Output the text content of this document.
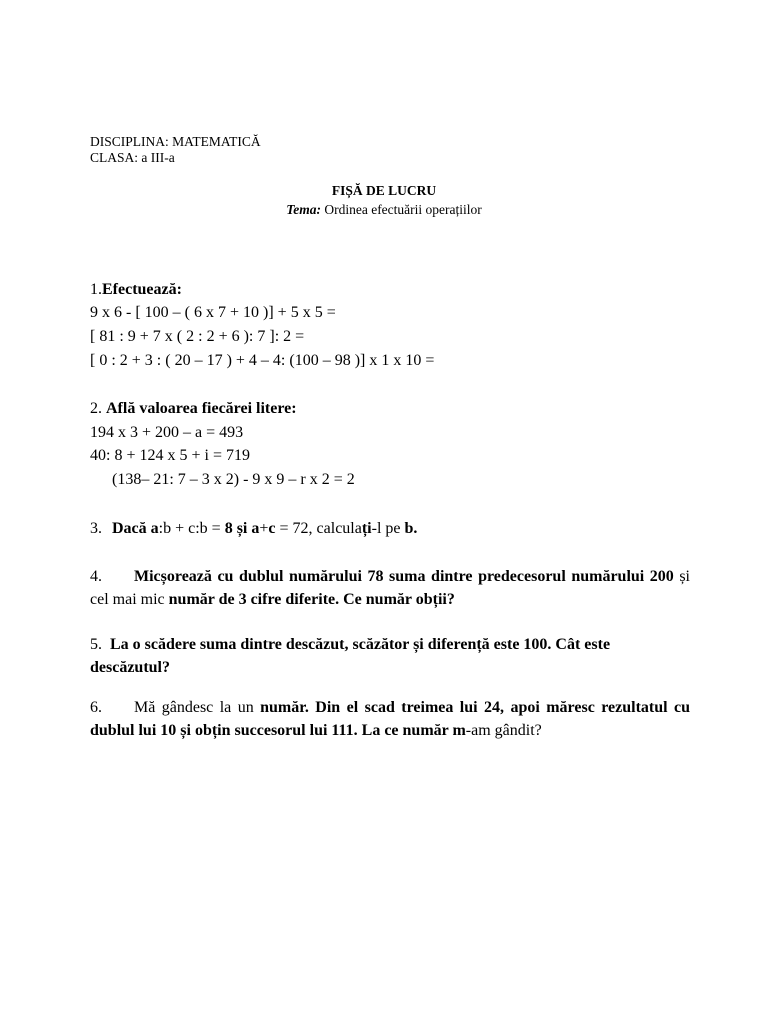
DISCIPLINA: MATEMATICĂ
CLASA: a III-a
FIȘĂ DE LUCRU
Tema: Ordinea efectuării operațiilor
1.Efectuează:
9 x 6 - [ 100 – ( 6 x 7 + 10 )] + 5 x 5 =
[ 81 : 9 + 7 x ( 2 : 2 + 6 ): 7 ]: 2 =
[ 0 : 2 + 3 : ( 20 – 17 ) + 4 – 4: (100 – 98 )] x 1 x 10 =
2. Află valoarea fiecărei litere:
194 x 3 + 200 – a = 493
40: 8 + 124 x 5 + i = 719
(138– 21: 7 – 3 x 2) - 9 x 9 – r x 2 = 2
3. Dacă a:b + c:b = 8 și a+c = 72, calculați-l pe b.
4. Micșorează cu dublul numărului 78 suma dintre predecesorul numărului 200 și cel mai mic număr de 3 cifre diferite. Ce număr obții?
5. La o scădere suma dintre descăzut, scăzător și diferență este 100. Cât este descăzutul?
6. Mă gândesc la un număr. Din el scad treimea lui 24, apoi măresc rezultatul cu dublul lui 10 și obțin succesorul lui 111. La ce număr m-am gândit?
